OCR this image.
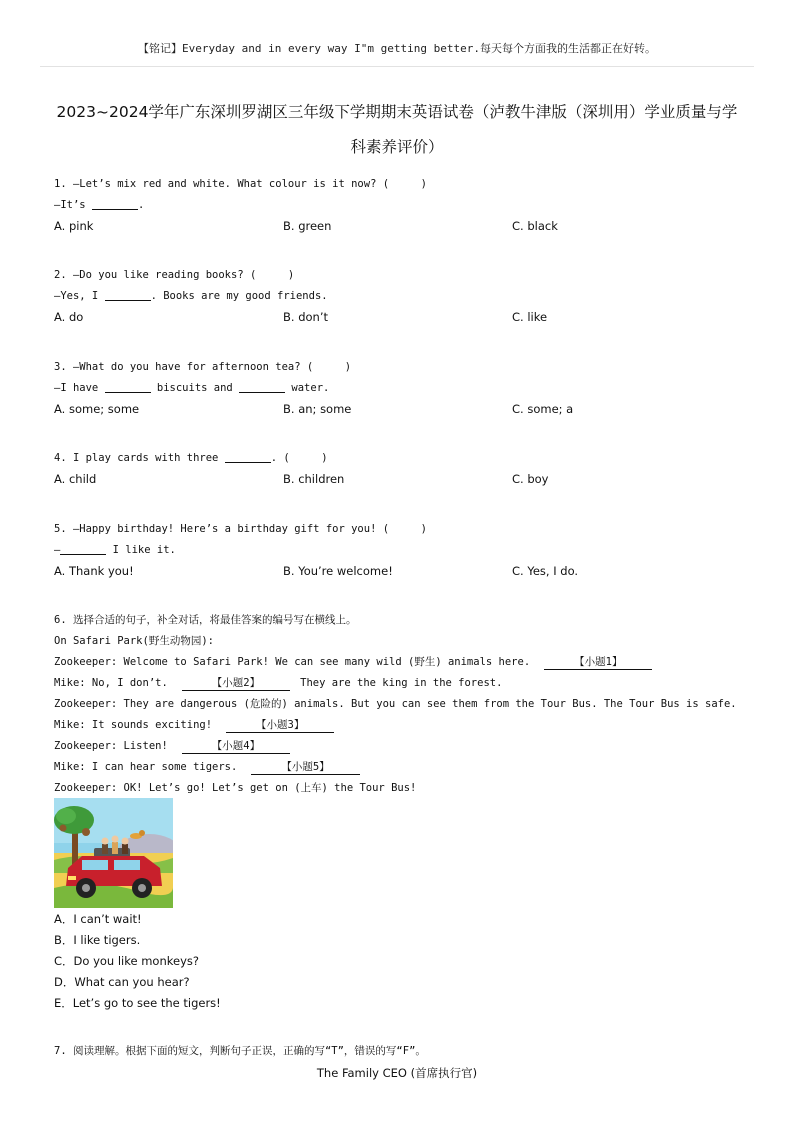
【铭记】Everyday and in every way I"m getting better.每天每个方面我的生活都正在好转。
2023~2024学年广东深圳罗湖区三年级下学期期末英语试卷（泸教牛津版（深圳用）学业质量与学
科素养评价）
1. —Let’s mix red and white. What colour is it now? (     )
—It’s	.
A. pink	B. green	C. black
2. —Do you like reading books? (     )
—Yes, I	. Books are my good friends.
A. do	B. don’t	C. like
3. —What do you have for afternoon tea? (     )
—I have	biscuits and	water.
A. some; some	B. an; some	C. some; a
4. I play cards with three	. (     )
A. child	B. children	C. boy
5. —Happy birthday! Here’s a birthday gift for you! (     )
—	I like it.
A. Thank you!	B. You’re welcome!	C. Yes, I do.
6. 选择合适的句子，补全对话，将最佳答案的编号写在横线上。
On Safari Park(野生动物园):
Zookeeper: Welcome to Safari Park! We can see many wild (野生) animals here.	【小题1】
Mike: No, I don’t.	【小题2】	They are the king in the forest.
Zookeeper: They are dangerous (危险的) animals. But you can see them from the Tour Bus. The Tour Bus is safe.
Mike: It sounds exciting!	【小题3】
Zookeeper: Listen!	【小题4】
Mike: I can hear some tigers.	【小题5】
Zookeeper: OK! Let’s go! Let’s get on (上车) the Tour Bus!
A．I can’t wait!
B．I like tigers.
C．Do you like monkeys?
D．What can you hear?
E．Let’s go to see the tigers!
7. 阅读理解。根据下面的短文，判断句子正误，正确的写“T”，错误的写“F”。
The Family CEO (首席执行官)
